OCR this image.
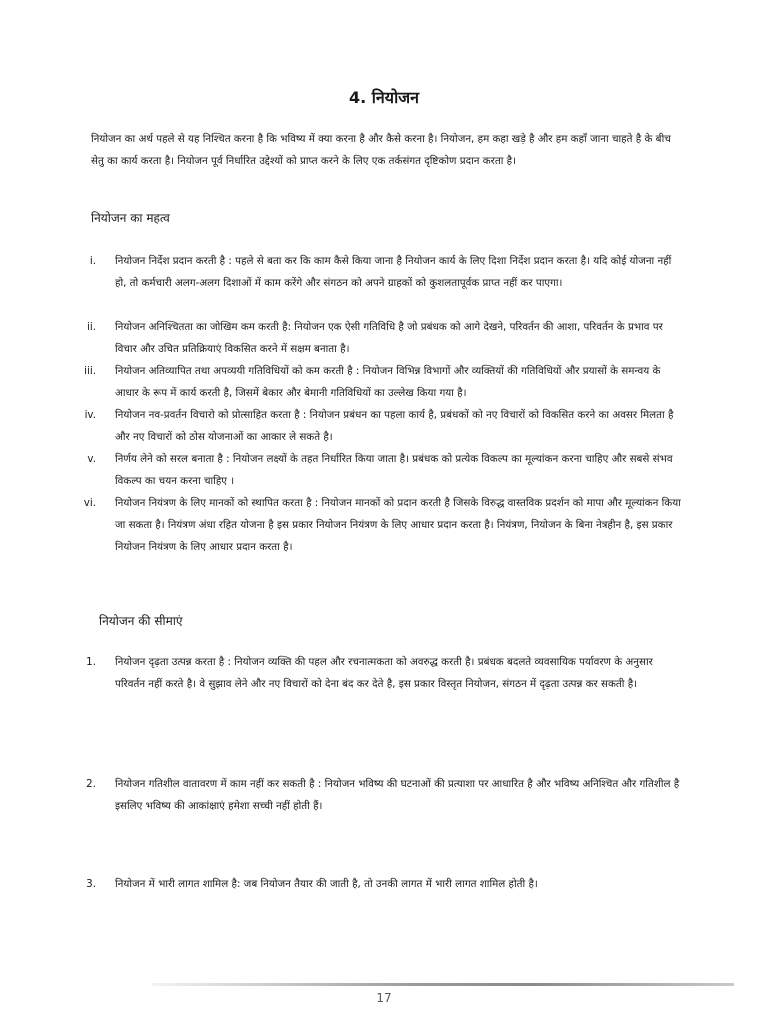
4. नियोजन

नियोजन का अर्थ पहले से यह निश्चित करना है कि भविष्य में क्या करना है और कैसे करना है। नियोजन, हम कहा खड़े है और हम कहाँ जाना चाहते है के बीच सेतु का कार्य करता है। नियोजन पूर्व निर्धारित उद्देश्यों को प्राप्त करने के लिए एक तर्कसंगत दृष्टिकोण प्रदान करता है।

नियोजन का महत्व
i. नियोजन निर्देश प्रदान करती है : पहले से बता कर कि काम कैसे किया जाना है नियोजन कार्य के लिए दिशा निर्देश प्रदान करता है। यदि कोई योजना नहीं हो, तो कर्मचारी अलग-अलग दिशाओं में काम करेंगे और संगठन को अपने ग्राहकों को कुशलतापूर्वक प्राप्त नहीं कर पाएगा।

ii. नियोजन अनिश्चितता का जोखिम कम करती है: नियोजन एक ऐसी गतिविधि है जो प्रबंधक को आगे देखने, परिवर्तन की आशा, परिवर्तन के प्रभाव पर विचार और उचित प्रतिक्रियाएं विकसित करने में सक्षम बनाता है।

iii. नियोजन अतिव्यापित तथा अपव्ययी गतिविधियों को कम करती है : नियोजन विभिन्न विभागों और व्यक्तियों की गतिविधियों और प्रयासों के समन्वय के आधार के रूप में कार्य करती है, जिसमें बेकार और बेमानी गतिविधियों का उल्लेख किया गया है।

iv. नियोजन नव-प्रवर्तन विचारो को प्रोत्साहित करता है : नियोजन प्रबंधन का पहला कार्य है, प्रबंधकों को नए विचारों को विकसित करने का अवसर मिलता है और नए विचारों को ठोस योजनाओं का आकार ले सकते है।

v. निर्णय लेने को सरल बनाता है : नियोजन लक्ष्यों के तहत निर्धारित किया जाता है। प्रबंधक को प्रत्येक विकल्प का मूल्यांकन करना चाहिए और सबसे संभव विकल्प का चयन करना चाहिए ।

vi. नियोजन नियंत्रण के लिए मानकों को स्थापित करता है : नियोजन मानकों को प्रदान करती है जिसके विरुद्ध वास्तविक प्रदर्शन को मापा और मूल्यांकन किया जा सकता है। नियंत्रण अंधा रहित योजना है इस प्रकार नियोजन नियंत्रण के लिए आधार प्रदान करता है। नियंत्रण, नियोजन के बिना नेत्रहीन है, इस प्रकार नियोजन नियंत्रण के लिए आधार प्रदान करता है।

नियोजन की सीमाएं
1. नियोजन दृढ़ता उत्पन्न करता है : नियोजन व्यक्ति की पहल और रचनात्मकता को अवरुद्ध करती है। प्रबंधक बदलते व्यवसायिक पर्यावरण के अनुसार परिवर्तन नहीं करते है। वे सुझाव लेने और नए विचारों को देना बंद कर देते है, इस प्रकार विस्तृत नियोजन, संगठन में दृढ़ता उत्पन्न कर सकती है।

2. नियोजन गतिशील वातावरण में काम नहीं कर सकती है : नियोजन भविष्य की घटनाओं की प्रत्याशा पर आधारित है और भविष्य अनिश्चित और गतिशील है इसलिए भविष्य की आकांक्षाएं हमेशा सच्ची नहीं होती हैं।

3. नियोजन में भारी लागत शामिल है: जब नियोजन तैयार की जाती है, तो उनकी लागत में भारी लागत शामिल होती है।

17
